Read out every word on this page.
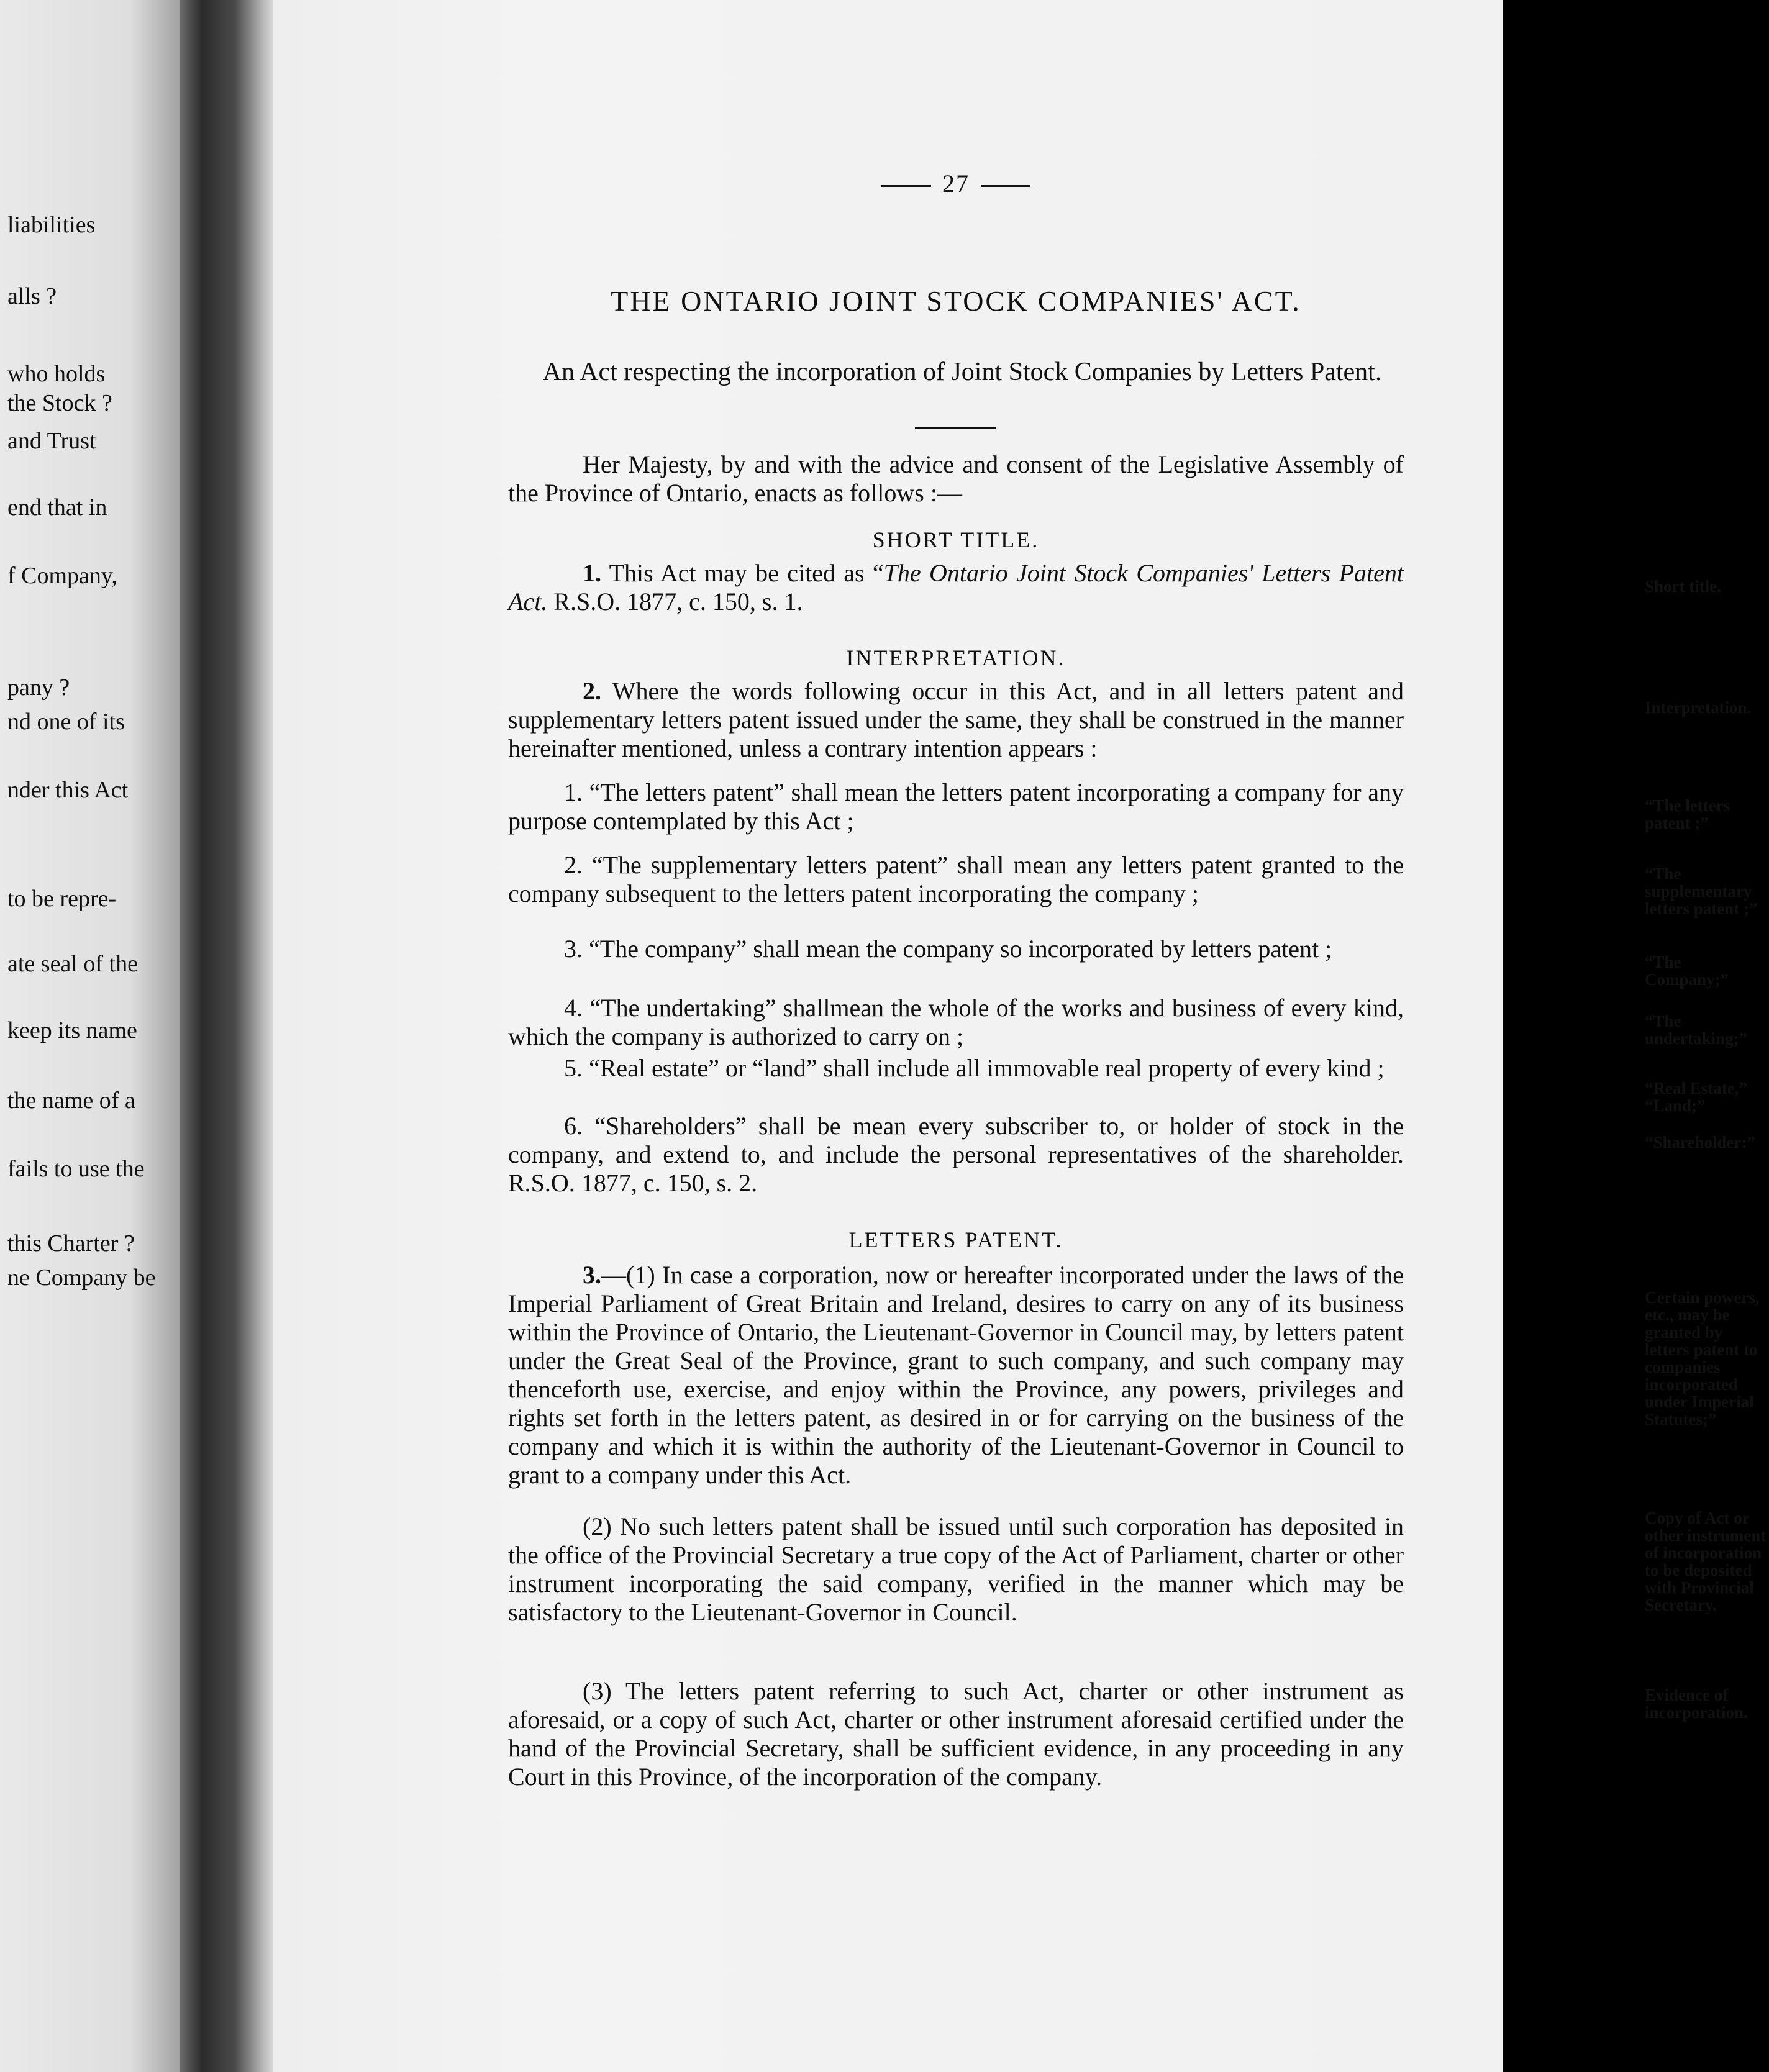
liabilities
alls ?
who holds
the Stock ?
and Trust
end that in
f Company,
pany ?
nd one of its
nder this Act
to be repre-
ate seal of the
keep its name
the name of a
fails to use the
this Charter ?
ne Company be
27
THE ONTARIO JOINT STOCK COMPANIES' ACT.
An Act respecting the incorporation of Joint Stock Companies by Letters Patent.
Her Majesty, by and with the advice and consent of the Legislative Assembly of the Province of Ontario, enacts as follows :—
SHORT TITLE.
1. This Act may be cited as “The Ontario Joint Stock Companies' Letters Patent Act. R.S.O. 1877, c. 150, s. 1.
Short title.
INTERPRETATION.
2. Where the words following occur in this Act, and in all letters patent and supplementary letters patent issued under the same, they shall be construed in the manner hereinafter mentioned, unless a contrary intention appears :
Interpretation.
1. “The letters patent” shall mean the letters patent incorporating a company for any purpose contemplated by this Act ;
“The letters patent ;”
2. “The supplementary letters patent” shall mean any letters patent granted to the company subsequent to the letters patent incorporating the company ;
“The supplementary letters patent ;”
3. “The company” shall mean the company so incorporated by letters patent ;	“The Company;”
4. “The undertaking” shallmean the whole of the works and business of every kind, which the company is authorized to carry on ;
“The undertaking;”
5. “Real estate” or “land” shall include all immovable real property of every kind ;
“Real Estate,” “Land;”
6. “Shareholders” shall be mean every subscriber to, or holder of stock in the company, and extend to, and include the personal representatives of the shareholder. R.S.O. 1877, c. 150, s. 2.
“Shareholder:”
LETTERS PATENT.
3.—(1) In case a corporation, now or hereafter incorporated under the laws of the Imperial Parliament of Great Britain and Ireland, desires to carry on any of its business within the Province of Ontario, the Lieutenant-Governor in Council may, by letters patent under the Great Seal of the Province, grant to such company, and such company may thenceforth use, exercise, and enjoy within the Province, any powers, privileges and rights set forth in the letters patent, as desired in or for carrying on the business of the company and which it is within the authority of the Lieutenant-Governor in Council to grant to a company under this Act.
Certain powers, etc., may be granted by letters patent to companies incorporated under Imperial Statutes;”
(2) No such letters patent shall be issued until such corporation has deposited in the office of the Provincial Secretary a true copy of the Act of Parliament, charter or other instrument incorporating the said company, verified in the manner which may be satisfactory to the Lieutenant-Governor in Council.
Copy of Act or other instrument of incorporation to be deposited with Provincial Secretary.
(3) The letters patent referring to such Act, charter or other instrument as aforesaid, or a copy of such Act, charter or other instrument aforesaid certified under the hand of the Provincial Secretary, shall be sufficient evidence, in any proceeding in any Court in this Province, of the incorporation of the company.
Evidence of incorporation.
